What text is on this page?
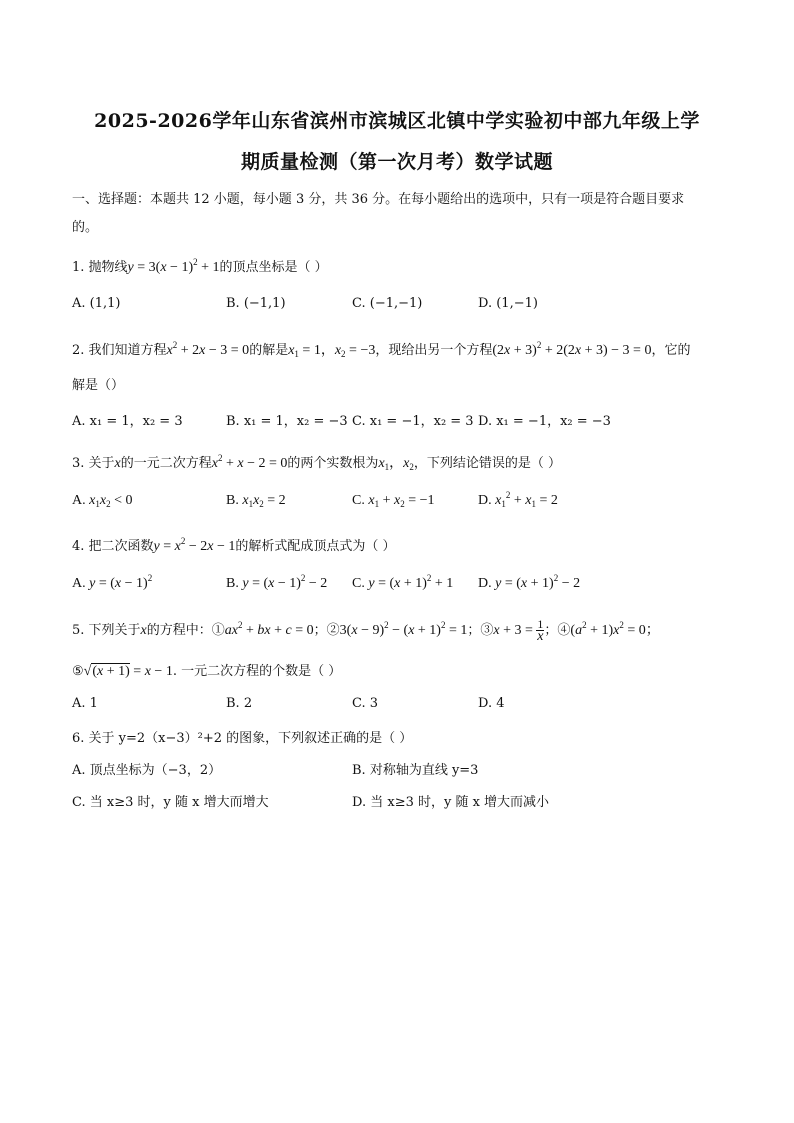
2025-2026学年山东省滨州市滨城区北镇中学实验初中部九年级上学
期质量检测（第一次月考）数学试题
一、选择题：本题共 12 小题，每小题 3 分，共 36 分。在每小题给出的选项中，只有一项是符合题目要求
的。
1. 抛物线$y = 3(x - 1)^2 + 1$的顶点坐标是（ ）
A. (1,1)	B. (−1,1)	C. (−1,−1)	D. (1,−1)
2. 我们知道方程$x^2 + 2x - 3 = 0$的解是$x_1 = 1$，$x_2 = -3$，现给出另一个方程$(2x + 3)^2 + 2(2x + 3) - 3 = 0$，它的
解是（）
A. x₁ = 1，x₂ = 3	B. x₁ = 1，x₂ = −3 C. x₁ = −1，x₂ = 3 D. x₁ = −1，x₂ = −3
3. 关于x的一元二次方程$x^2 + x - 2 = 0$的两个实数根为$x_1$，$x_2$，下列结论错误的是（ ）
A. $x_1x_2 < 0$	B. $x_1x_2 = 2$	C. $x_1 + x_2 = -1$	D. $x_1^2 + x_1 = 2$
4. 把二次函数$y = x^2 - 2x - 1$的解析式配成顶点式为（ ）
A. $y = (x - 1)^2$	B. $y = (x - 1)^2 - 2$ C. $y = (x + 1)^2 + 1$ D. $y = (x + 1)^2 - 2$
5. 下列关于x的方程中：$①ax^2$ + bx + c = 0；②3(x − $9)^2 - (x + 1)^2 = 1$；③x + $3 = \frac{1}{x}$ ；$④(a^2 + 1)x^2 = 0$；
⑤√(x + 1) = x − 1. 一元二次方程的个数是（ ）
A. 1	B. 2	C. 3	D. 4
6. 关于 y=2（x−3）²+2 的图象，下列叙述正确的是（ ）
A. 顶点坐标为（−3，2）	B. 对称轴为直线 y=3
C. 当 x≥3 时，y 随 x 增大而增大	D. 当 x≥3 时，y 随 x 增大而减小
